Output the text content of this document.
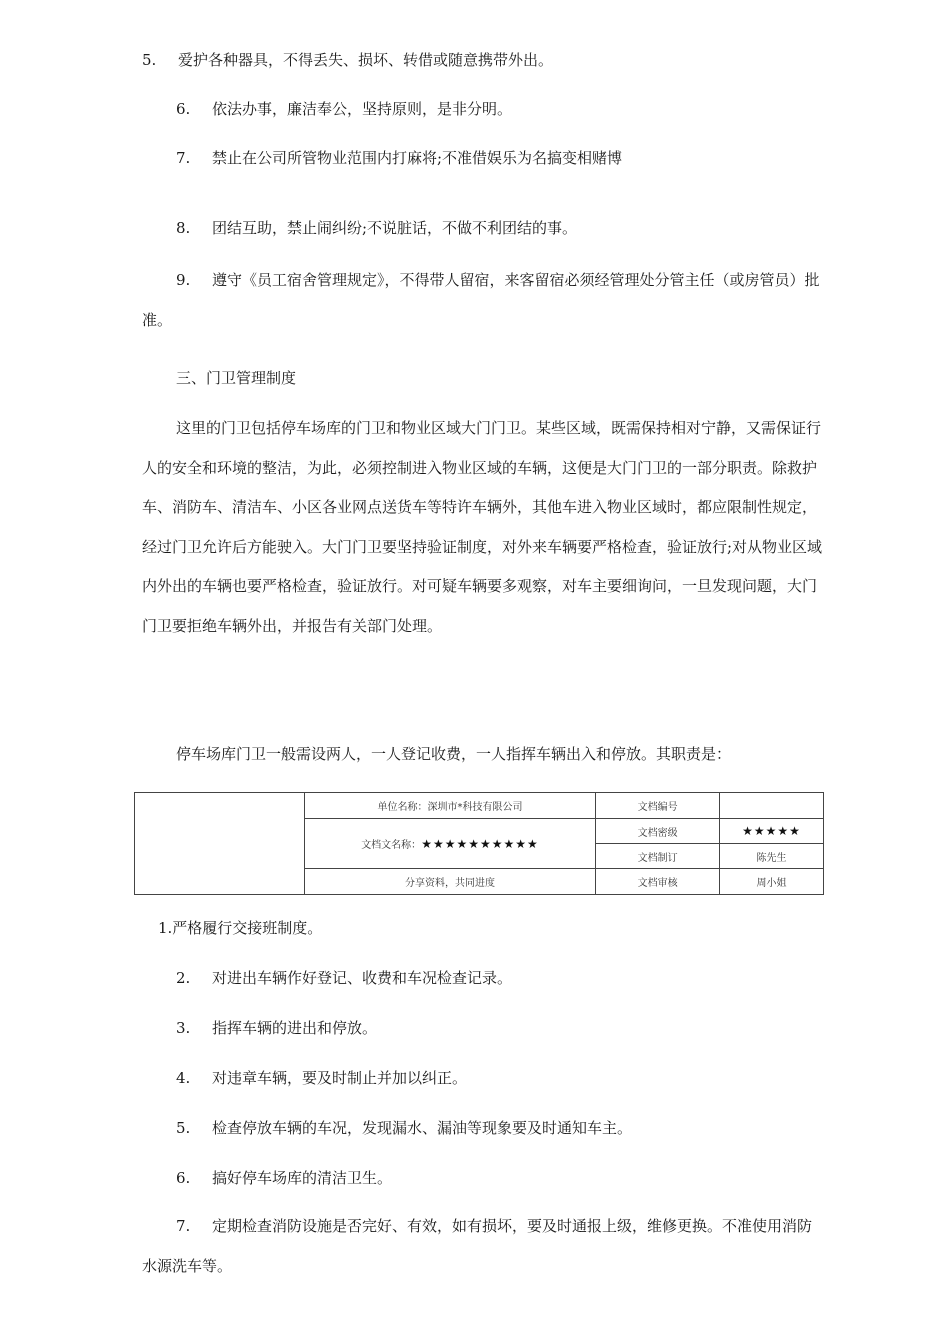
5. 爱护各种器具，不得丢失、损坏、转借或随意携带外出。
6. 依法办事，廉洁奉公，坚持原则，是非分明。
7. 禁止在公司所管物业范围内打麻将;不准借娱乐为名搞变相赌博
8. 团结互助，禁止闹纠纷;不说脏话，不做不利团结的事。
9. 遵守《员工宿舍管理规定》，不得带人留宿，来客留宿必须经管理处分管主任（或房管员）批准。
三、门卫管理制度
这里的门卫包括停车场库的门卫和物业区域大门门卫。某些区域，既需保持相对宁静，又需保证行人的安全和环境的整洁，为此，必须控制进入物业区域的车辆，这便是大门门卫的一部分职责。除救护车、消防车、清洁车、小区各业网点送货车等特许车辆外，其他车进入物业区域时，都应限制性规定，经过门卫允许后方能驶入。大门门卫要坚持验证制度，对外来车辆要严格检查，验证放行;对从物业区域内外出的车辆也要严格检查，验证放行。对可疑车辆要多观察，对车主要细询问，一旦发现问题，大门门卫要拒绝车辆外出，并报告有关部门处理。
停车场库门卫一般需设两人，一人登记收费，一人指挥车辆出入和停放。其职责是：
	单位名称：深圳市*科技有限公司	文档编号	
	文档文名称：★★★★★★★★★★	文档密级	★★★★★
		文档制订	陈先生
	分享资料，共同进度	文档审核	周小姐
1.严格履行交接班制度。
2. 对进出车辆作好登记、收费和车况检查记录。
3. 指挥车辆的进出和停放。
4. 对违章车辆，要及时制止并加以纠正。
5. 检查停放车辆的车况，发现漏水、漏油等现象要及时通知车主。
6. 搞好停车场库的清洁卫生。
7. 定期检查消防设施是否完好、有效，如有损坏，要及时通报上级，维修更换。不准使用消防水源洗车等。
